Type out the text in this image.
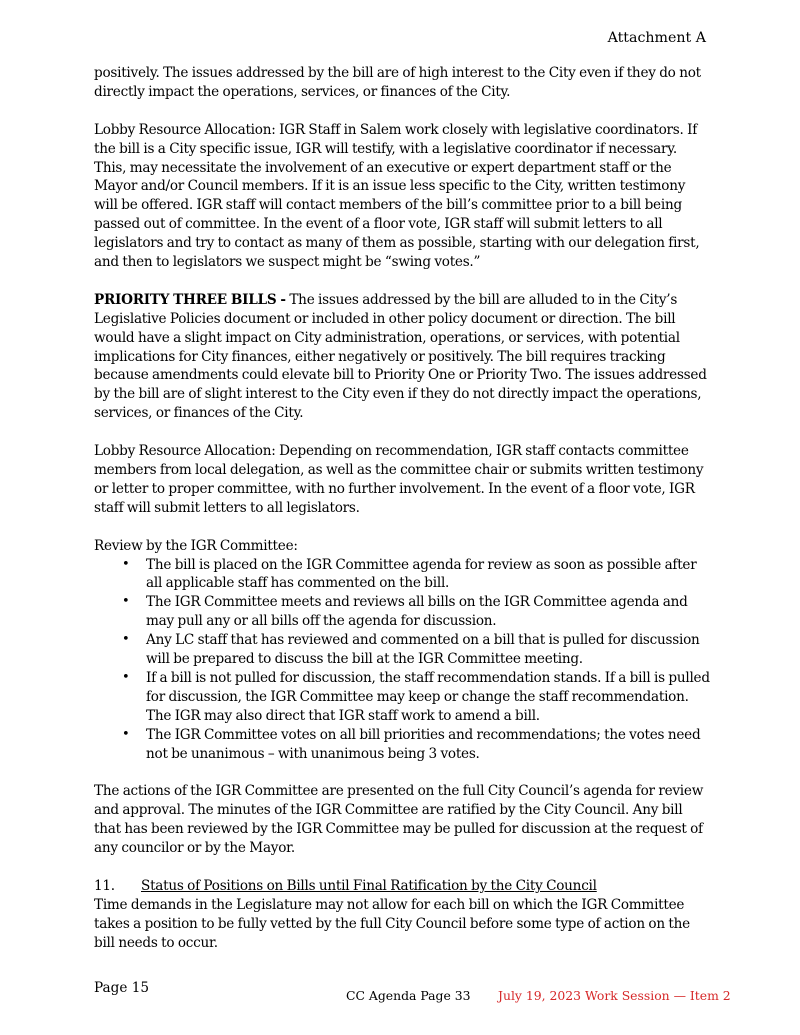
Attachment A

positively. The issues addressed by the bill are of high interest to the City even if they do not directly impact the operations, services, or finances of the City.

Lobby Resource Allocation: IGR Staff in Salem work closely with legislative coordinators. If the bill is a City specific issue, IGR will testify, with a legislative coordinator if necessary. This, may necessitate the involvement of an executive or expert department staff or the Mayor and/or Council members. If it is an issue less specific to the City, written testimony will be offered. IGR staff will contact members of the bill’s committee prior to a bill being passed out of committee. In the event of a floor vote, IGR staff will submit letters to all legislators and try to contact as many of them as possible, starting with our delegation first, and then to legislators we suspect might be “swing votes.”

PRIORITY THREE BILLS - The issues addressed by the bill are alluded to in the City’s Legislative Policies document or included in other policy document or direction. The bill would have a slight impact on City administration, operations, or services, with potential implications for City finances, either negatively or positively. The bill requires tracking because amendments could elevate bill to Priority One or Priority Two. The issues addressed by the bill are of slight interest to the City even if they do not directly impact the operations, services, or finances of the City.

Lobby Resource Allocation: Depending on recommendation, IGR staff contacts committee members from local delegation, as well as the committee chair or submits written testimony or letter to proper committee, with no further involvement. In the event of a floor vote, IGR staff will submit letters to all legislators.

Review by the IGR Committee:

• The bill is placed on the IGR Committee agenda for review as soon as possible after all applicable staff has commented on the bill.
• The IGR Committee meets and reviews all bills on the IGR Committee agenda and may pull any or all bills off the agenda for discussion.
• Any LC staff that has reviewed and commented on a bill that is pulled for discussion will be prepared to discuss the bill at the IGR Committee meeting.
• If a bill is not pulled for discussion, the staff recommendation stands. If a bill is pulled for discussion, the IGR Committee may keep or change the staff recommendation. The IGR may also direct that IGR staff work to amend a bill.
• The IGR Committee votes on all bill priorities and recommendations; the votes need not be unanimous – with unanimous being 3 votes.

The actions of the IGR Committee are presented on the full City Council’s agenda for review and approval. The minutes of the IGR Committee are ratified by the City Council. Any bill that has been reviewed by the IGR Committee may be pulled for discussion at the request of any councilor or by the Mayor.

11.	Status of Positions on Bills until Final Ratification by the City Council

Time demands in the Legislature may not allow for each bill on which the IGR Committee takes a position to be fully vetted by the full City Council before some type of action on the bill needs to occur.

Page 15	CC Agenda Page 33 July 19, 2023 Work Session — Item 2
